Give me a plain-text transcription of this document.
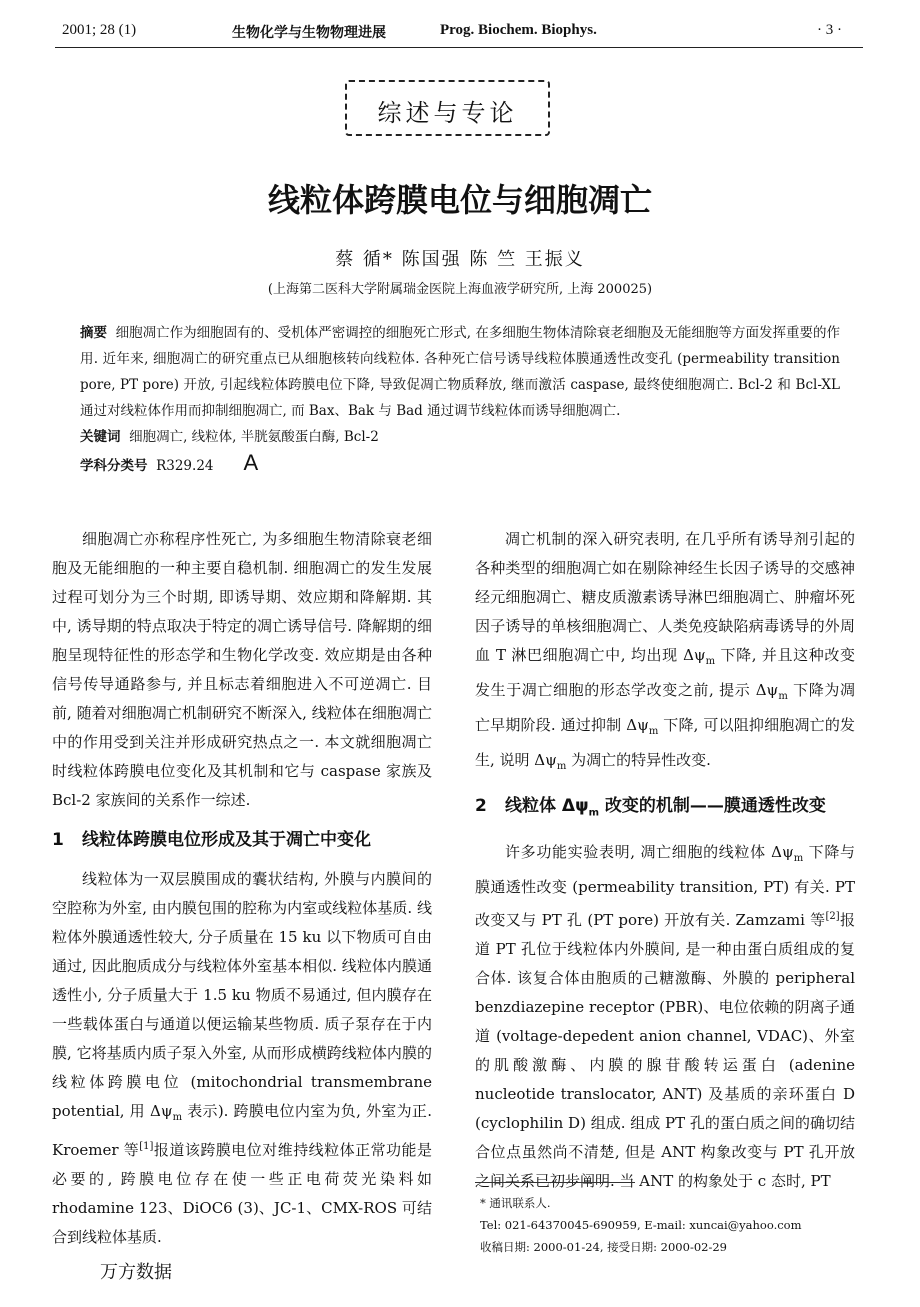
2001; 28 (1)	生物化学与生物物理进展	Prog. Biochem. Biophys.	· 3 ·
综述与专论
线粒体跨膜电位与细胞凋亡
蔡 循* 陈国强 陈 竺 王振义
(上海第二医科大学附属瑞金医院上海血液学研究所, 上海 200025)

摘要 细胞凋亡作为细胞固有的、受机体严密调控的细胞死亡形式, 在多细胞生物体清除衰老细胞及无能细胞等方面发挥重要的作用. 近年来, 细胞凋亡的研究重点已从细胞核转向线粒体. 各种死亡信号诱导线粒体膜通透性改变孔 (permeability transition pore, PT pore) 开放, 引起线粒体跨膜电位下降, 导致促凋亡物质释放, 继而激活 caspase, 最终使细胞凋亡. Bcl-2 和 Bcl-XL 通过对线粒体作用而抑制细胞凋亡, 而 Bax、Bak 与 Bad 通过调节线粒体而诱导细胞凋亡.

关键词 细胞凋亡, 线粒体, 半胱氨酸蛋白酶, Bcl-2

学科分类号 R329.24 A

细胞凋亡亦称程序性死亡, 为多细胞生物清除衰老细胞及无能细胞的一种主要自稳机制. 细胞凋亡的发生发展过程可划分为三个时期, 即诱导期、效应期和降解期. 其中, 诱导期的特点取决于特定的凋亡诱导信号. 降解期的细胞呈现特征性的形态学和生物化学改变. 效应期是由各种信号传导通路参与, 并且标志着细胞进入不可逆凋亡. 目前, 随着对细胞凋亡机制研究不断深入, 线粒体在细胞凋亡中的作用受到关注并形成研究热点之一. 本文就细胞凋亡时线粒体跨膜电位变化及其机制和它与 caspase 家族及 Bcl-2 家族间的关系作一综述.

1 线粒体跨膜电位形成及其于凋亡中变化

线粒体为一双层膜围成的囊状结构, 外膜与内膜间的空腔称为外室, 由内膜包围的腔称为内室或线粒体基质. 线粒体外膜通透性较大, 分子质量在 15 ku 以下物质可自由通过, 因此胞质成分与线粒体外室基本相似. 线粒体内膜通透性小, 分子质量大于 1.5 ku 物质不易通过, 但内膜存在一些载体蛋白与通道以便运输某些物质. 质子泵存在于内膜, 它将基质内质子泵入外室, 从而形成横跨线粒体内膜的线粒体跨膜电位 (mitochondrial transmembrane potential, 用 $\Delta\psi_m$ 表示). 跨膜电位内室为负, 外室为正. Kroemer 等[1]报道该跨膜电位对维持线粒体正常功能是必要的, 跨膜电位存在使一些正电荷荧光染料如 rhodamine 123、DiOC6 (3)、JC-1、CMX-ROS 可结合到线粒体基质.

凋亡机制的深入研究表明, 在几乎所有诱导剂引起的各种类型的细胞凋亡如在剔除神经生长因子诱导的交感神经元细胞凋亡、糖皮质激素诱导淋巴细胞凋亡、肿瘤坏死因子诱导的单核细胞凋亡、人类免疫缺陷病毒诱导的外周血 T 淋巴细胞凋亡中, 均出现 $\Delta\psi_m$ 下降, 并且这种改变发生于凋亡细胞的形态学改变之前, 提示 $\Delta\psi_m$ 下降为凋亡早期阶段. 通过抑制 $\Delta\psi_m$ 下降, 可以阻抑细胞凋亡的发生, 说明 $\Delta\psi_m$ 为凋亡的特异性改变.

2 线粒体 $\Delta\psi_m$ 改变的机制——膜通透性改变

许多功能实验表明, 凋亡细胞的线粒体 $\Delta\psi_m$ 下降与膜通透性改变 (permeability transition, PT) 有关. PT 改变又与 PT 孔 (PT pore) 开放有关. Zamzami 等[2]报道 PT 孔位于线粒体内外膜间, 是一种由蛋白质组成的复合体. 该复合体由胞质的己糖激酶、外膜的 peripheral benzdiazepine receptor (PBR)、电位依赖的阴离子通道 (voltage-depedent anion channel, VDAC)、外室的肌酸激酶、内膜的腺苷酸转运蛋白 (adenine nucleotide translocator, ANT) 及基质的亲环蛋白 D (cyclophilin D) 组成. 组成 PT 孔的蛋白质之间的确切结合位点虽然尚不清楚, 但是 ANT 构象改变与 PT 孔开放之间关系已初步阐明. 当 ANT 的构象处于 c 态时, PT

* 通讯联系人.
Tel: 021-64370045-690959, E-mail: xuncai@yahoo.com
收稿日期: 2000-01-24, 接受日期: 2000-02-29
万方数据
